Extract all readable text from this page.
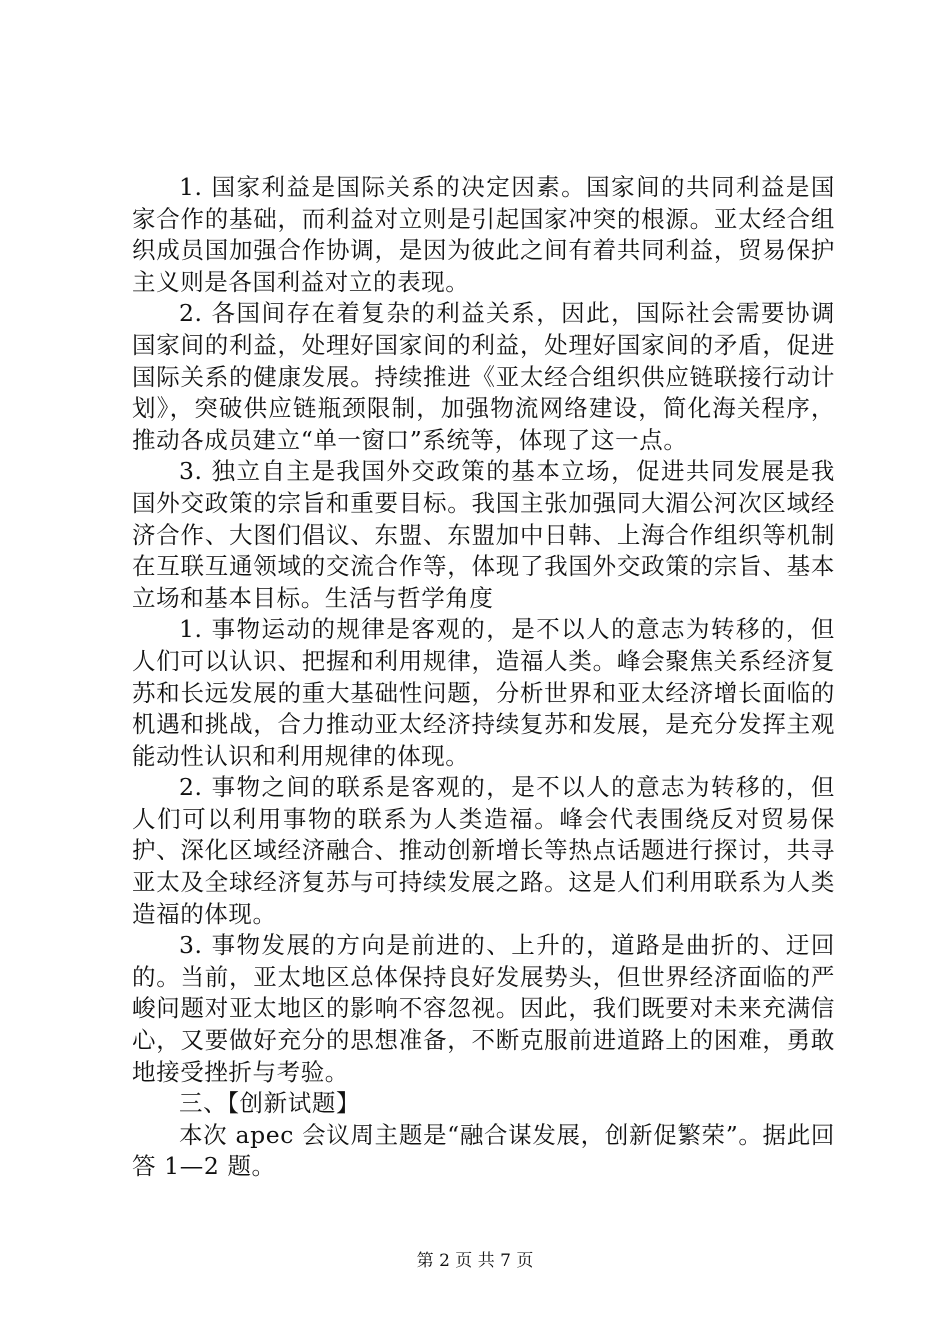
1. 国家利益是国际关系的决定因素。国家间的共同利益是国家合作的基础，而利益对立则是引起国家冲突的根源。亚太经合组织成员国加强合作协调，是因为彼此之间有着共同利益，贸易保护主义则是各国利益对立的表现。

2. 各国间存在着复杂的利益关系，因此，国际社会需要协调国家间的利益，处理好国家间的利益，处理好国家间的矛盾，促进国际关系的健康发展。持续推进《亚太经合组织供应链联接行动计划》，突破供应链瓶颈限制，加强物流网络建设，简化海关程序，推动各成员建立“单一窗口”系统等，体现了这一点。

3. 独立自主是我国外交政策的基本立场，促进共同发展是我国外交政策的宗旨和重要目标。我国主张加强同大湄公河次区域经济合作、大图们倡议、东盟、东盟加中日韩、上海合作组织等机制在互联互通领域的交流合作等，体现了我国外交政策的宗旨、基本立场和基本目标。生活与哲学角度

1. 事物运动的规律是客观的，是不以人的意志为转移的，但人们可以认识、把握和利用规律，造福人类。峰会聚焦关系经济复苏和长远发展的重大基础性问题，分析世界和亚太经济增长面临的机遇和挑战，合力推动亚太经济持续复苏和发展，是充分发挥主观能动性认识和利用规律的体现。

2. 事物之间的联系是客观的，是不以人的意志为转移的，但人们可以利用事物的联系为人类造福。峰会代表围绕反对贸易保护、深化区域经济融合、推动创新增长等热点话题进行探讨，共寻亚太及全球经济复苏与可持续发展之路。这是人们利用联系为人类造福的体现。

3. 事物发展的方向是前进的、上升的，道路是曲折的、迂回的。当前，亚太地区总体保持良好发展势头，但世界经济面临的严峻问题对亚太地区的影响不容忽视。因此，我们既要对未来充满信心，又要做好充分的思想准备，不断克服前进道路上的困难，勇敢地接受挫折与考验。

三、【创新试题】

本次 apec 会议周主题是“融合谋发展，创新促繁荣”。据此回答 1—2 题。

第 2 页 共 7 页
